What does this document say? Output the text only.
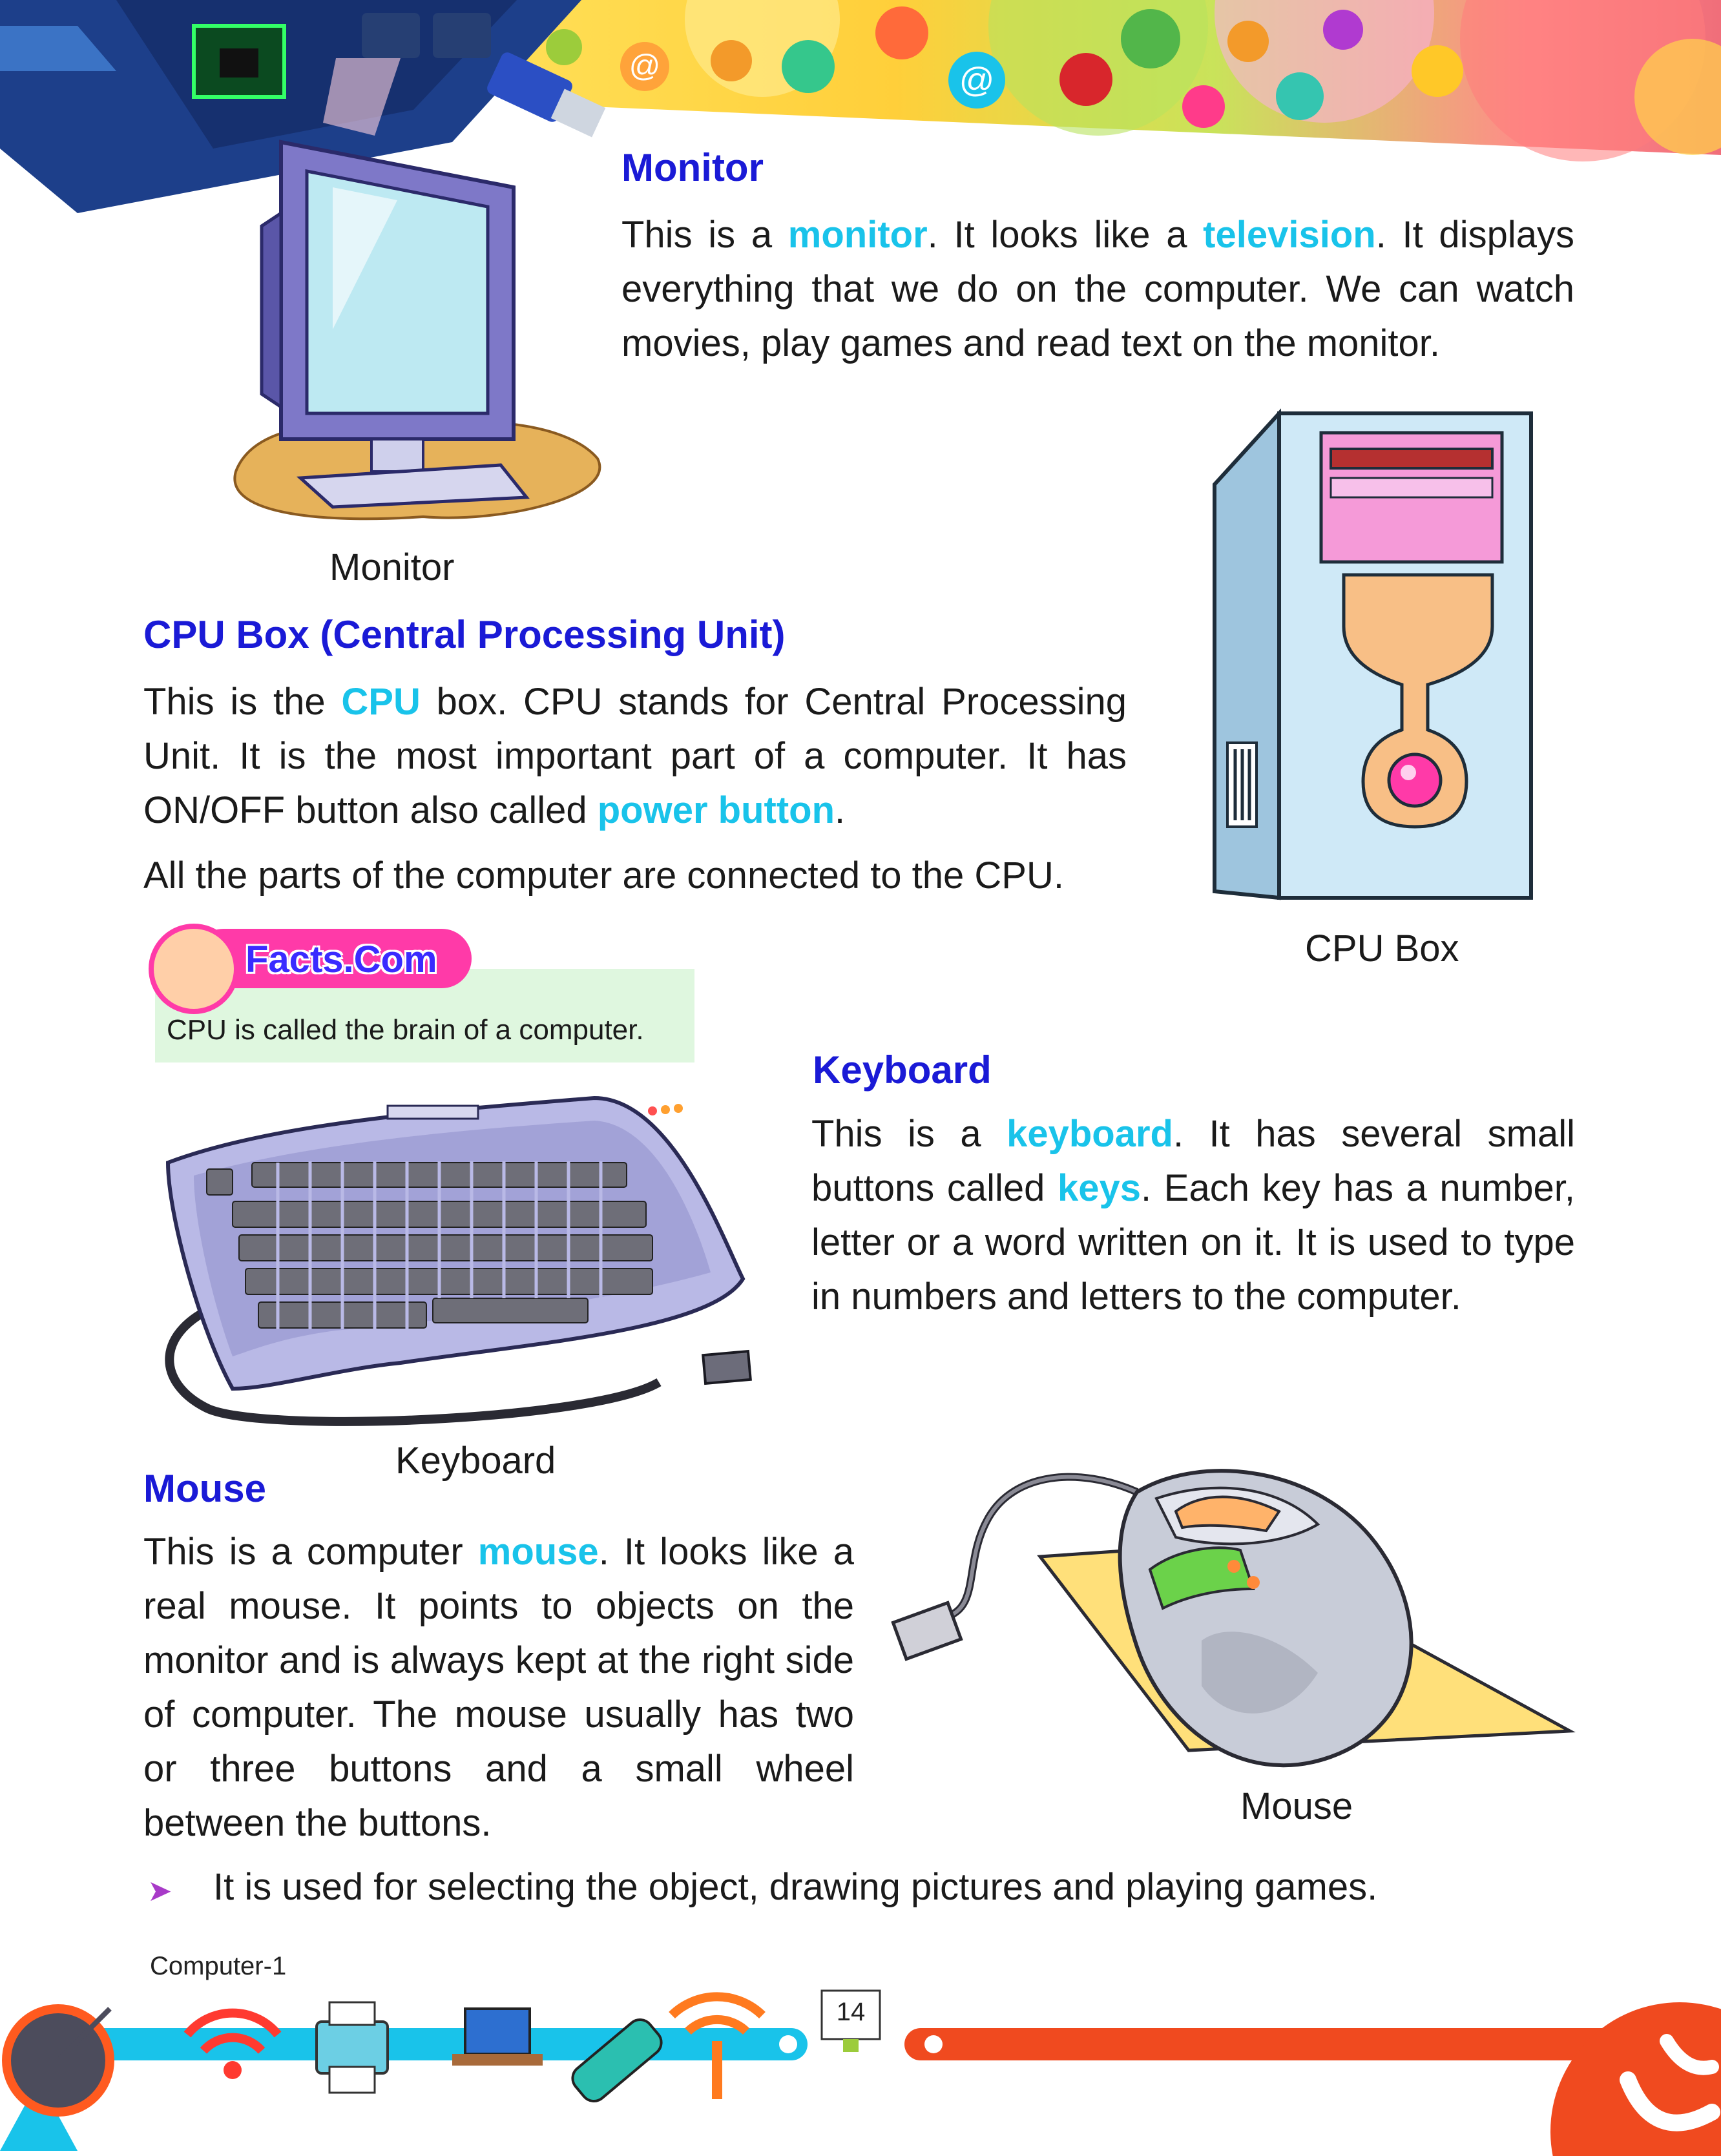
@	@
Monitor
Monitor
This is a monitor. It looks like a television. It displays everything that we do on the computer. We can watch movies, play games and read text on the monitor.
CPU Box
CPU Box (Central Processing Unit)
This is the CPU box. CPU stands for Central Processing Unit. It is the most important part of a computer. It has ON/OFF button also called power button.
All the parts of the computer are connected to the CPU.
Facts.Com
CPU is called the brain of a computer.
Keyboard
Keyboard
This is a keyboard. It has several small buttons called keys. Each key has a number, letter or a word written on it. It is used to type in numbers and letters to the computer.
Mouse
This is a computer mouse. It looks like a real mouse. It points to objects on the monitor and is always kept at the right side of computer. The mouse usually has two or three buttons and a small wheel between the buttons.	Mouse
➤ It is used for selecting the object, drawing pictures and playing games.
Computer-1
14
